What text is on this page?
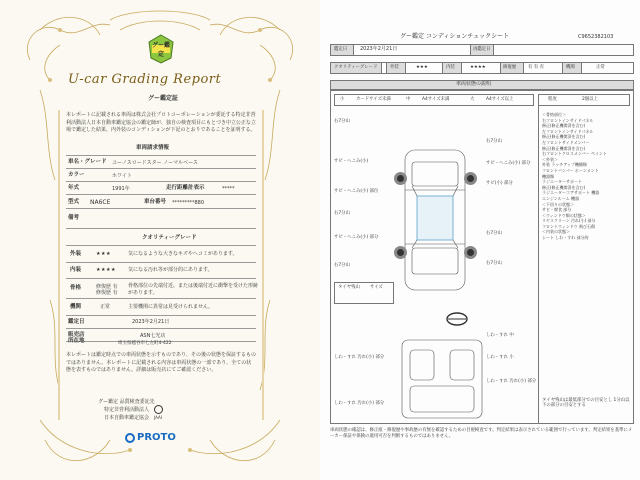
グー鑑定
U-car Grading Report
グー鑑定証
本レポートに記載される車両は株式会社プロトコーポレーションが委託する特定非営利活動法人日本自動車鑑定協会の鑑定師が、独自の検査項目にもとづき中立公正な立場で鑑定した結果、内外装のコンディションが下記のとおりであることを証明する。
車両請求情報
車名・グレード ユーノスロードスター ノーマルベース
カラー	ホワイト
年式	1991年	走行距離計表示	*****
型式 NA6CE	車台番号 *********880
備考
クオリティーグレード
外装	★★★	気になるような大きなキズやへコミがあります。
内装	★★★★ 気になる汚れ等が部分的にあります。
骨格	修復歴 有 修復歴 有
骨格部位の先端付近、または後端付近に衝撃を受けた形跡があります。
機関	正常	主要機関に異常は見受けられません。
鑑定日	2023年2月21日
販売店	ASN七光店
所在地	埼玉県越谷市七左町4-422
本レポートは鑑定時点での車両状態を示すものであり、その後の状態を保証するものではありません。本レポートに記載される内容は車両状態の一部であり、全ての状態を表すものではありません。詳細は販売店にてご確認ください。
グー鑑定 品質検査委託先
特定非営利活動法人
日本自動車鑑定協会 JAAI
PROTO
グー鑑定 コンディションチェックシート	C9652382103
鑑定日	2023年2月21日	再鑑定日
クオリティーグレード	外装	★★★	内装	★★★★	修復歴	有 有 有	機関	正常
車両状態の説明
小	カードサイズ未満	中	A4サイズ未満	大	A4サイズ以上	程度	2個以上
右7分山
サビ・へこみ(小)
サビ・へこみ(小) 部位
右7分山
サビ・へこみ(小) 部分
右7分山
右7分山
サビ・へこみ(小) 部分
サビ(小) 部分
右7分山
右7分山
タイヤ残山 サイズ
しわ・すれ 中
しわ・すれ 汚れ(小) 部分	しわ・すれ 小
しわ・すれ 汚れ(小) 部分
しわ・すれ 汚れ(小) 部分
＜骨格部位＞
右フロントインサイドパネル
修正(修正機関済を含む)
左フロントインサイドパネル
修正(修正機関済を含む)
左フロントサイドメンバー
修正(修正機関済を含む)
右フロントクロスメンバー ペイント
＜外装＞
外装 ラッチアップ機構類
フロントバンパー ホーンメント
機器類
ラジエーターサポート
修正(修正機関済を含む)
ラジエーターコアサポート 機器
エンジンルーム 機器
＜下回りの状態＞
サビ・腐食 部分
＜ウィンドウ類の状態＞
リヤスクリーン 汚れ(小) 部分
フロントウィンドウ 飛び石傷
＜内装の状態＞
シート しわ・すれ 部分的
タイヤ残山は最低部分での目安とし 1分山以下の部分の目安とする
車両状態の確認は、修正痕・修復歴や事故歴の有無を確認するための目視検査です。判定結果は表示されている範囲で行っています。判定結果を基準にメーカー保証や保険の適用可否を判断するものではありません。
